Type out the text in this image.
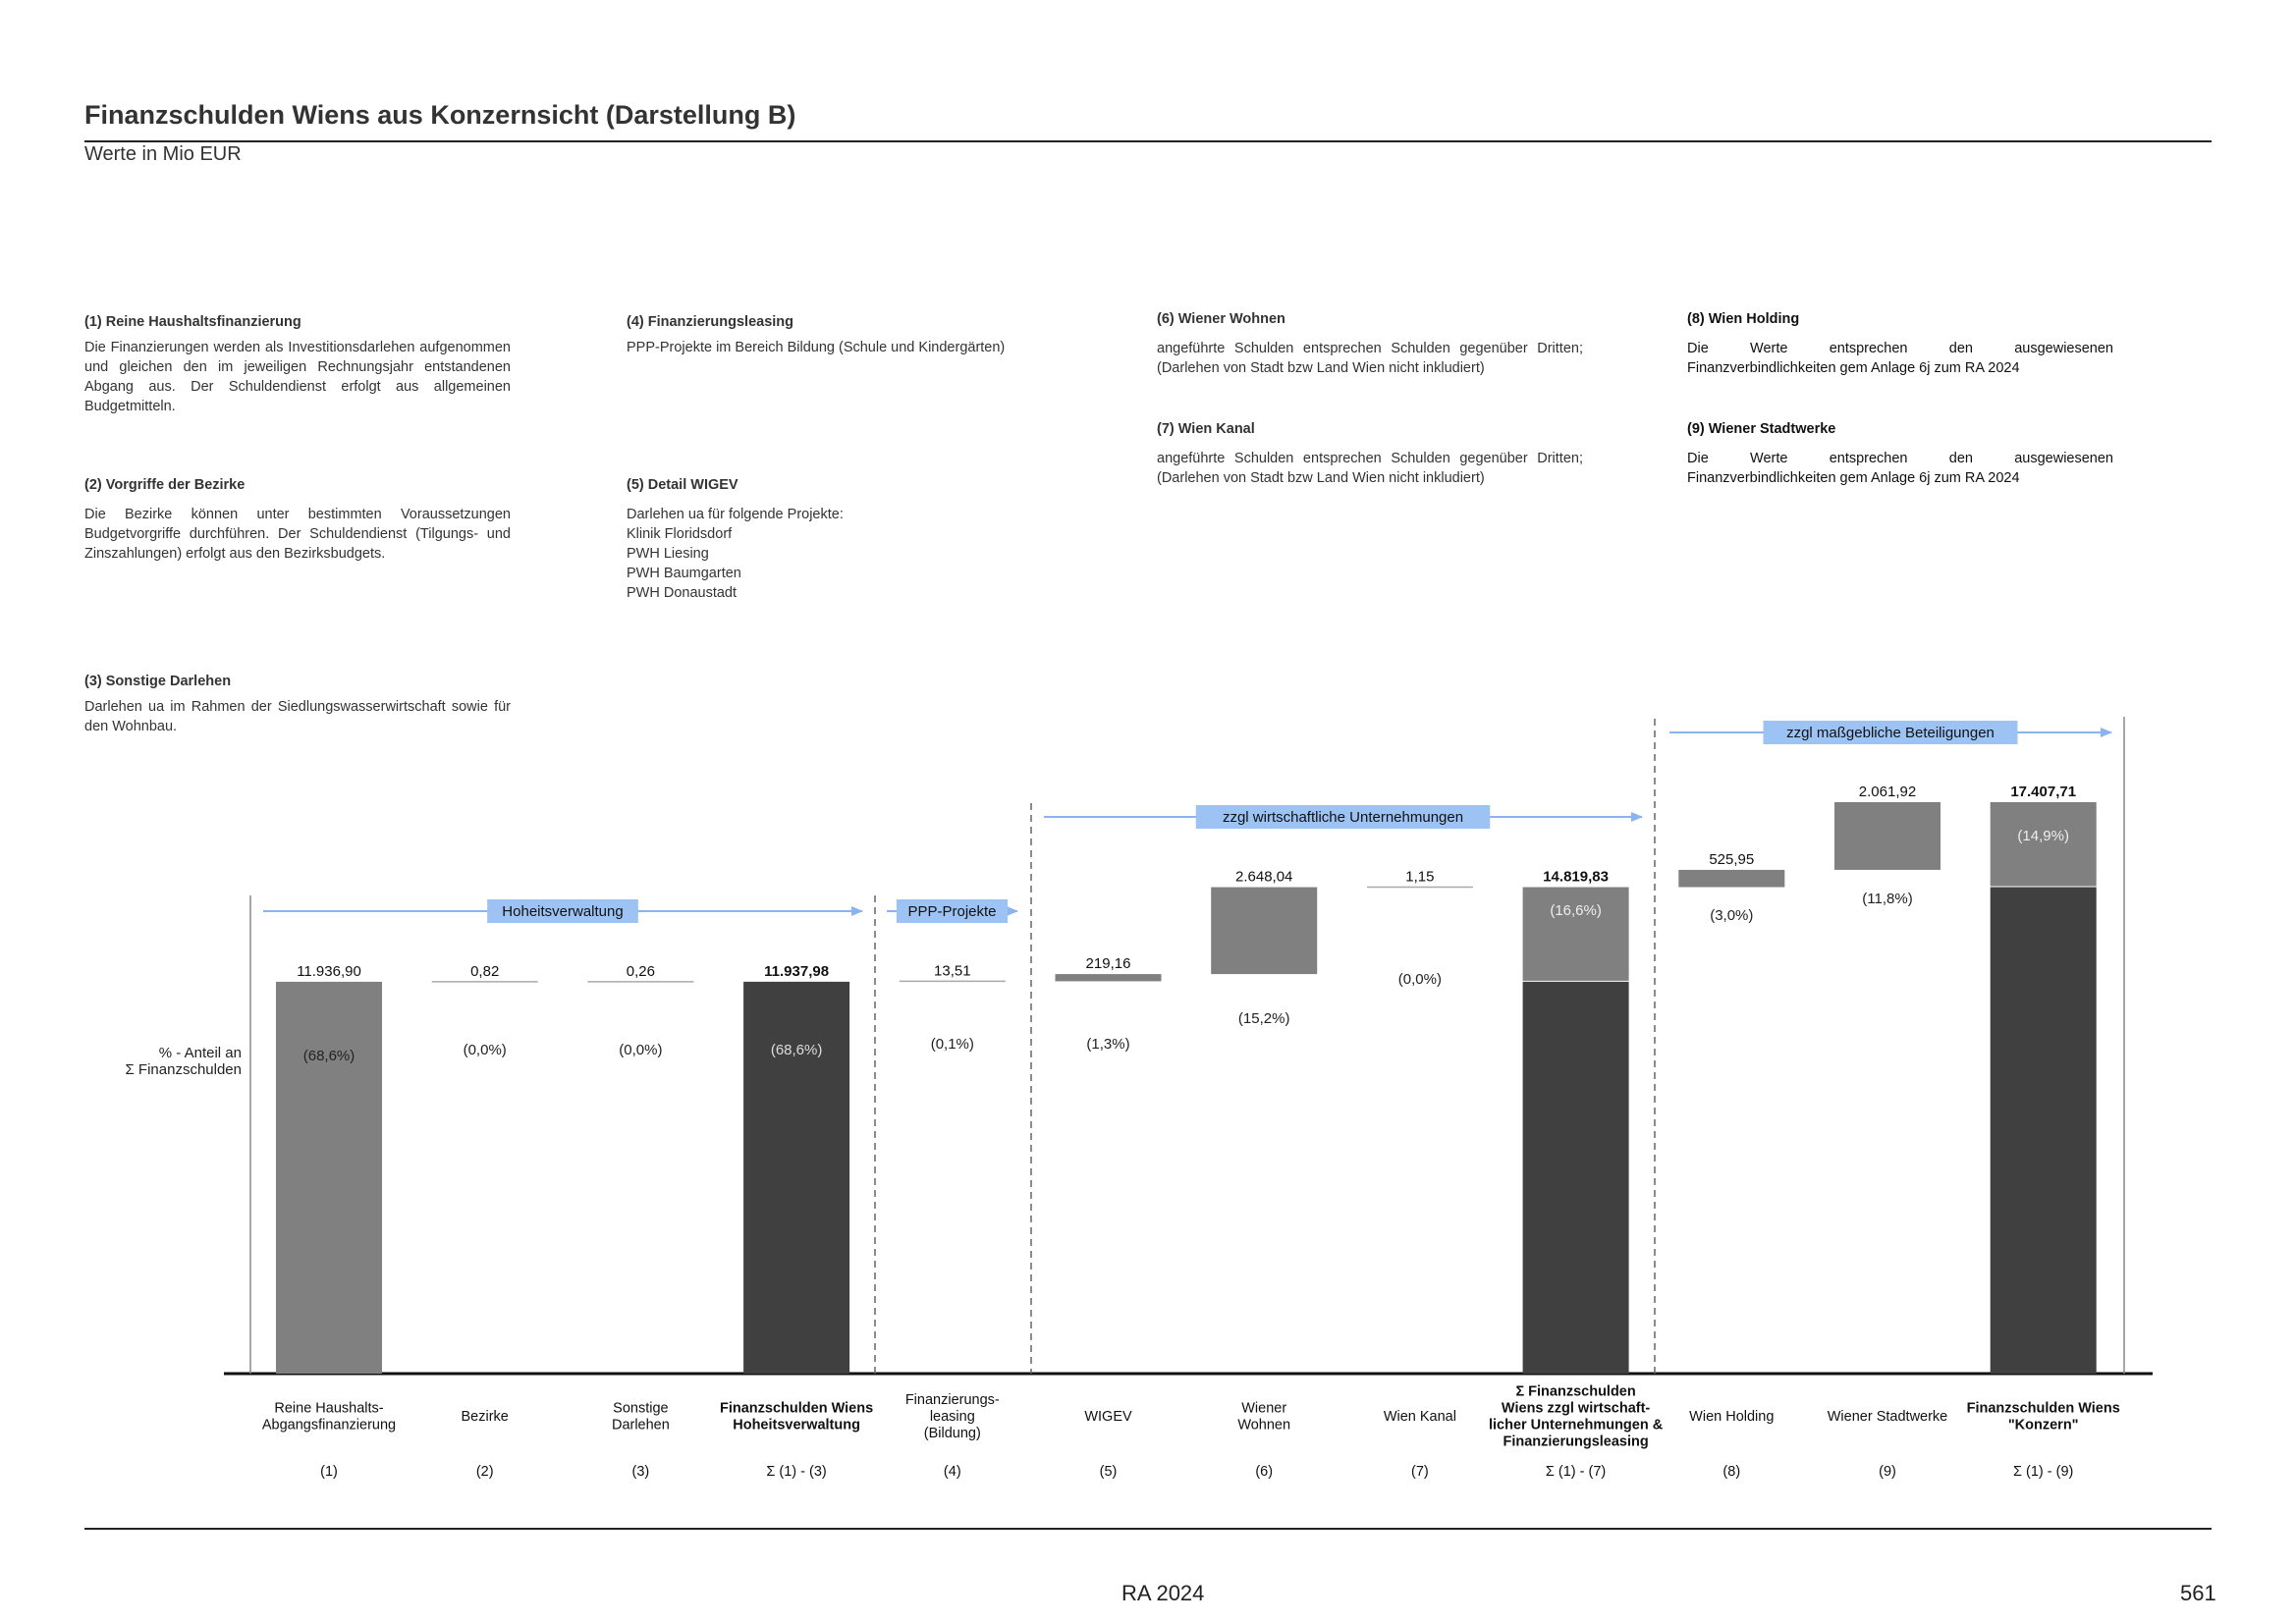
Finanzschulden Wiens aus Konzernsicht (Darstellung B)
Werte in Mio EUR
(1) Reine Haushaltsfinanzierung
Die Finanzierungen werden als Investitionsdarlehen aufgenommen und gleichen den im jeweiligen Rechnungsjahr entstandenen Abgang aus. Der Schuldendienst erfolgt aus allgemeinen Budgetmitteln.
(2) Vorgriffe der Bezirke
Die Bezirke können unter bestimmten Voraussetzungen Budgetvorgriffe durchführen. Der Schuldendienst (Tilgungs- und Zinszahlungen) erfolgt aus den Bezirksbudgets.
(3) Sonstige Darlehen
Darlehen ua im Rahmen der Siedlungswasserwirtschaft sowie für den Wohnbau.
(4) Finanzierungsleasing
PPP-Projekte im Bereich Bildung (Schule und Kindergärten)
(5) Detail WIGEV
Darlehen ua für folgende Projekte:
Klinik Floridsdorf
PWH Liesing
PWH Baumgarten
PWH Donaustadt
(6) Wiener Wohnen
angeführte Schulden entsprechen Schulden gegenüber Dritten; (Darlehen von Stadt bzw Land Wien nicht inkludiert)
(7) Wien Kanal
angeführte Schulden entsprechen Schulden gegenüber Dritten; (Darlehen von Stadt bzw Land Wien nicht inkludiert)
(8) Wien Holding
Die Werte entsprechen den ausgewiesenen Finanzverbindlichkeiten gem Anlage 6j zum RA 2024
(9) Wiener Stadtwerke
Die Werte entsprechen den ausgewiesenen Finanzverbindlichkeiten gem Anlage 6j zum RA 2024
% - Anteil an
Σ Finanzschulden
Hoheitsverwaltung	PPP-Projekte
zzgl wirtschaftliche Unternehmungen
zzgl maßgebliche Beteiligungen
11.936,90
(68,6%)
Reine Haushalts-
Abgangsfinanzierung
(1)
0,82
(0,0%)
Bezirke
(2)
0,26
(0,0%)
Sonstige
Darlehen
(3)
11.937,98
(68,6%)
Finanzschulden Wiens
Hoheitsverwaltung
Σ (1) - (3)
13,51
(0,1%)
Finanzierungs-
leasing
(Bildung)
(4)
219,16
(1,3%)
WIGEV
(5)
2.648,04
(15,2%)
Wiener
Wohnen
(6)
1,15
(0,0%)
Wien Kanal
(7)
14.819,83
(16,6%)
Σ Finanzschulden
Wiens zzgl wirtschaft-
licher Unternehmungen &
Finanzierungsleasing
Σ (1) - (7)
525,95
(3,0%)
Wien Holding
(8)
2.061,92
(11,8%)
Wiener Stadtwerke
(9)
17.407,71
(14,9%)
Finanzschulden Wiens
"Konzern"
Σ (1) - (9)
RA 2024	561
